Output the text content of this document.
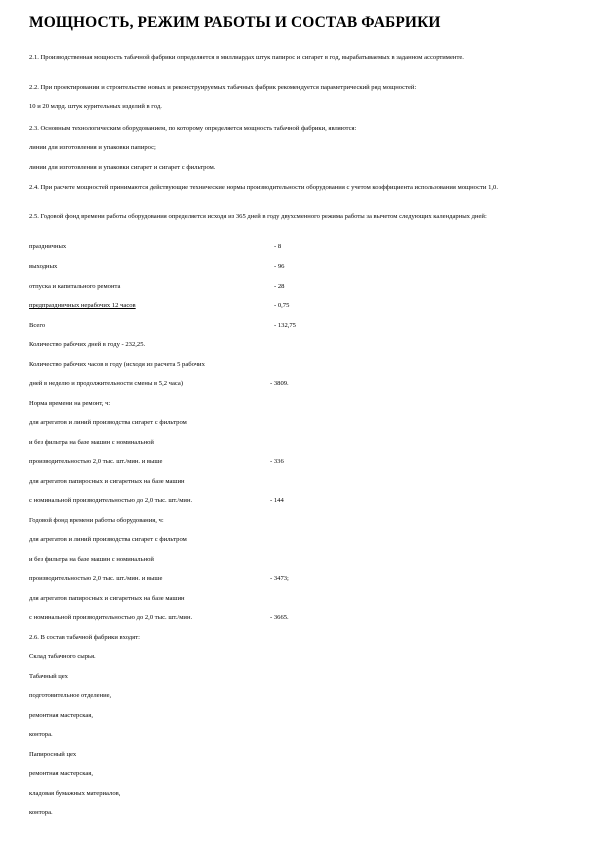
МОЩНОСТЬ, РЕЖИМ РАБОТЫ И СОСТАВ ФАБРИКИ

2.1. Производственная мощность табачной фабрики определяется в миллиардах штук папирос и сигарет в год, вырабатываемых в заданном ассортименте.

2.2. При проектировании и строительстве новых и реконструируемых табачных фабрик рекомендуется параметрический ряд мощностей:

10 и 20 млрд. штук курительных изделий в год.

2.3. Основным технологическим оборудованием, по которому определяется мощность табачной фабрики, являются:

линии для изготовления и упаковки папирос;

линии для изготовления и упаковки сигарет и сигарет с фильтром.

2.4. При расчете мощностей принимаются действующие технические нормы производительности оборудования с учетом коэффициента использования мощности 1,0.

2.5. Годовой фонд времени работы оборудования определяется исходя из 365 дней в году двухсменного режима работы за вычетом следующих календарных дней:

праздничных	- 8

выходных	- 96

отпуска и капитального ремонта	- 28

предпраздничных нерабочих 12 часов	- 0,75

Всего	- 132,75

Количество рабочих дней в году - 232,25.

Количество рабочих часов в году (исходя из расчета 5 рабочих

дней в неделю и продолжительности смены в 5,2 часа)	- 3809.

Норма времени на ремонт, ч:

для агрегатов и линий производства сигарет с фильтром

и без фильтра на базе машин с номинальной

производительностью 2,0 тыс. шт./мин. и выше	- 336

для агрегатов папиросных и сигаретных на базе машин

с номинальной производительностью до 2,0 тыс. шт./мин.	- 144

Годовой фонд времени работы оборудования, ч:

для агрегатов и линий производства сигарет с фильтром

и без фильтра на базе машин с номинальной

производительностью 2,0 тыс. шт./мин. и выше	- 3473;

для агрегатов папиросных и сигаретных на базе машин

с номинальной производительностью до 2,0 тыс. шт./мин.	- 3665.

2.6. В состав табачной фабрики входят:

Склад табачного сырья.

Табачный цех

подготовительное отделение,

ремонтная мастерская,

контора.

Папиросный цех

ремонтная мастерская,

кладовая бумажных материалов,

контора.
